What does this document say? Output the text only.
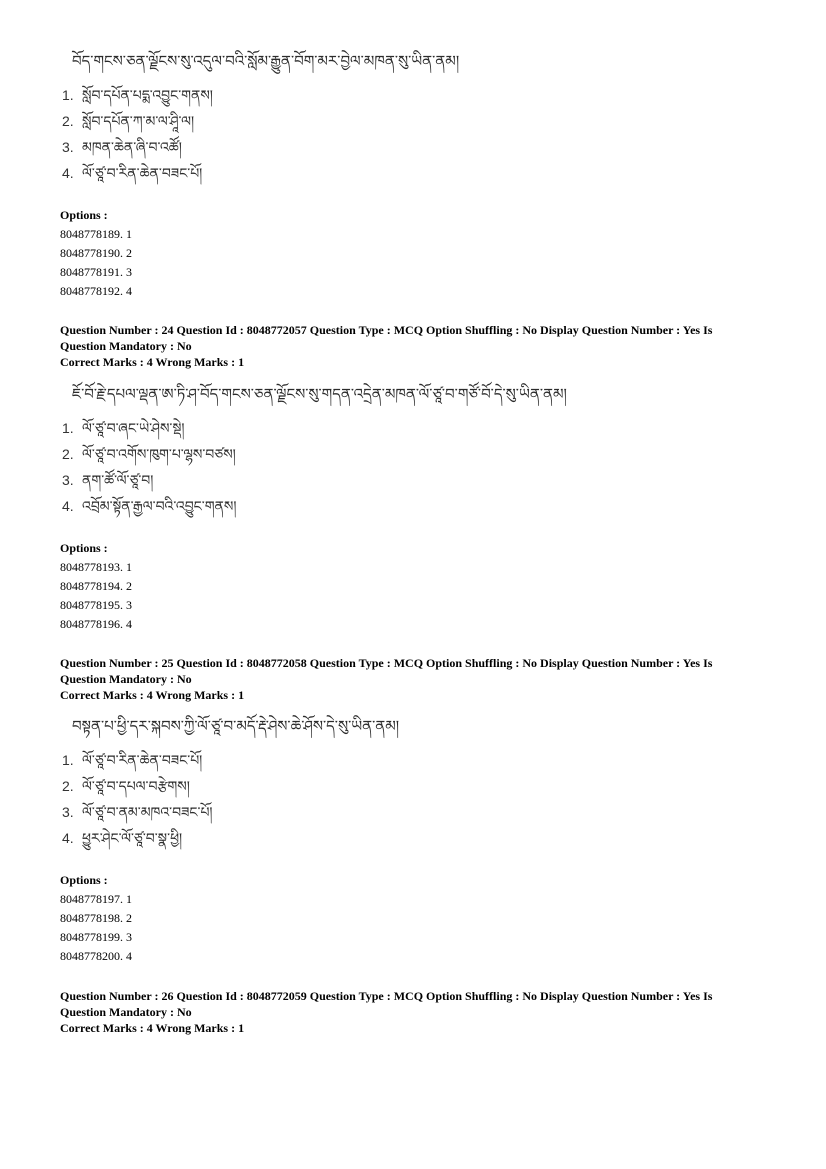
བོད་གངས་ཅན་ལྗོངས་སུ་འདུལ་བའི་སློམ་རྒྱུན་བོག་མར་བྱེལ་མཁན་སུ་ཡིན་ནམ།
1. སློབ་དཔོན་པདྨ་འབྱུང་གནས།
2. སློབ་དཔོན་ཀ་མ་ལ་ཤཱི་ལ།
3. མཁན་ཆེན་ཞི་བ་འཚོ།
4. ལོ་ཙཱ་བ་རིན་ཆེན་བཟང་པོ།
Options :
8048778189. 1
8048778190. 2
8048778191. 3
8048778192. 4
Question Number : 24 Question Id : 8048772057 Question Type : MCQ Option Shuffling : No Display Question Number : Yes Is Question Mandatory : No
Correct Marks : 4 Wrong Marks : 1
ཇོ་བོ་རྗེ་དཔལ་ལྡན་ཨ་ཏི་ཤ་བོད་གངས་ཅན་ལྗོངས་སུ་གདན་འདྲེན་མཁན་ལོ་ཙཱ་བ་གཙོ་བོ་དེ་སུ་ཡིན་ནམ།
1. ལོ་ཙཱ་བ་ཞང་ཡེ་ཤེས་སྡེ།
2. ལོ་ཙཱ་བ་འགོས་ཁུག་པ་ལྷས་བཙས།
3. ནག་ཚོ་ལོ་ཙཱ་བ།
4. འབྲོམ་སྟོན་རྒྱལ་བའི་འབྱུང་གནས།
Options :
8048778193. 1
8048778194. 2
8048778195. 3
8048778196. 4
Question Number : 25 Question Id : 8048772058 Question Type : MCQ Option Shuffling : No Display Question Number : Yes Is Question Mandatory : No
Correct Marks : 4 Wrong Marks : 1
བསྟན་པ་ཕྱི་དར་སྐབས་ཀྱི་ལོ་ཙཱ་བ་མདོ་རྡེ་ཤེས་ཆེ་ཤོས་དེ་སུ་ཡིན་ནམ།
1. ལོ་ཙཱ་བ་རིན་ཆེན་བཟང་པོ།
2. ལོ་ཙཱ་བ་དཔལ་བརྩེགས།
3. ལོ་ཙཱ་བ་ནམ་མཁའ་བཟང་པོ།
4. ཕྱུར་ཤེང་ལོ་ཙཱ་བ་སྣ་ཕྱི།
Options :
8048778197. 1
8048778198. 2
8048778199. 3
8048778200. 4
Question Number : 26 Question Id : 8048772059 Question Type : MCQ Option Shuffling : No Display Question Number : Yes Is Question Mandatory : No
Correct Marks : 4 Wrong Marks : 1
